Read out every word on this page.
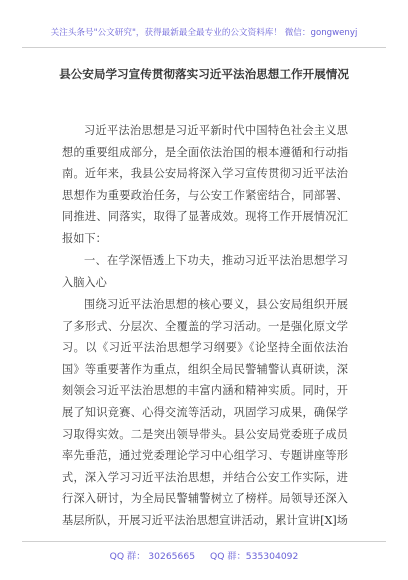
关注头条号"公文研究"，获得最新最全最专业的公文资料库！ 微信：gongwenyj
县公安局学习宣传贯彻落实习近平法治思想工作开展情况
习近平法治思想是习近平新时代中国特色社会主义思
想的重要组成部分，是全面依法治国的根本遵循和行动指
南。近年来，我县公安局将深入学习宣传贯彻习近平法治
思想作为重要政治任务，与公安工作紧密结合，同部署、
同推进、同落实，取得了显著成效。现将工作开展情况汇
报如下：
一、在学深悟透上下功夫，推动习近平法治思想学习
入脑入心
围绕习近平法治思想的核心要义，县公安局组织开展
了多形式、分层次、全覆盖的学习活动。一是强化原文学
习。以《习近平法治思想学习纲要》《论坚持全面依法治
国》等重要著作为重点，组织全局民警辅警认真研读，深
刻领会习近平法治思想的丰富内涵和精神实质。同时，开
展了知识竞赛、心得交流等活动，巩固学习成果，确保学
习取得实效。二是突出领导带头。县公安局党委班子成员
率先垂范，通过党委理论学习中心组学习、专题讲座等形
式，深入学习习近平法治思想，并结合公安工作实际，进
行深入研讨，为全局民警辅警树立了榜样。局领导还深入
基层所队，开展习近平法治思想宣讲活动，累计宣讲[X]场
QQ 群： 30265665 QQ 群：535304092
